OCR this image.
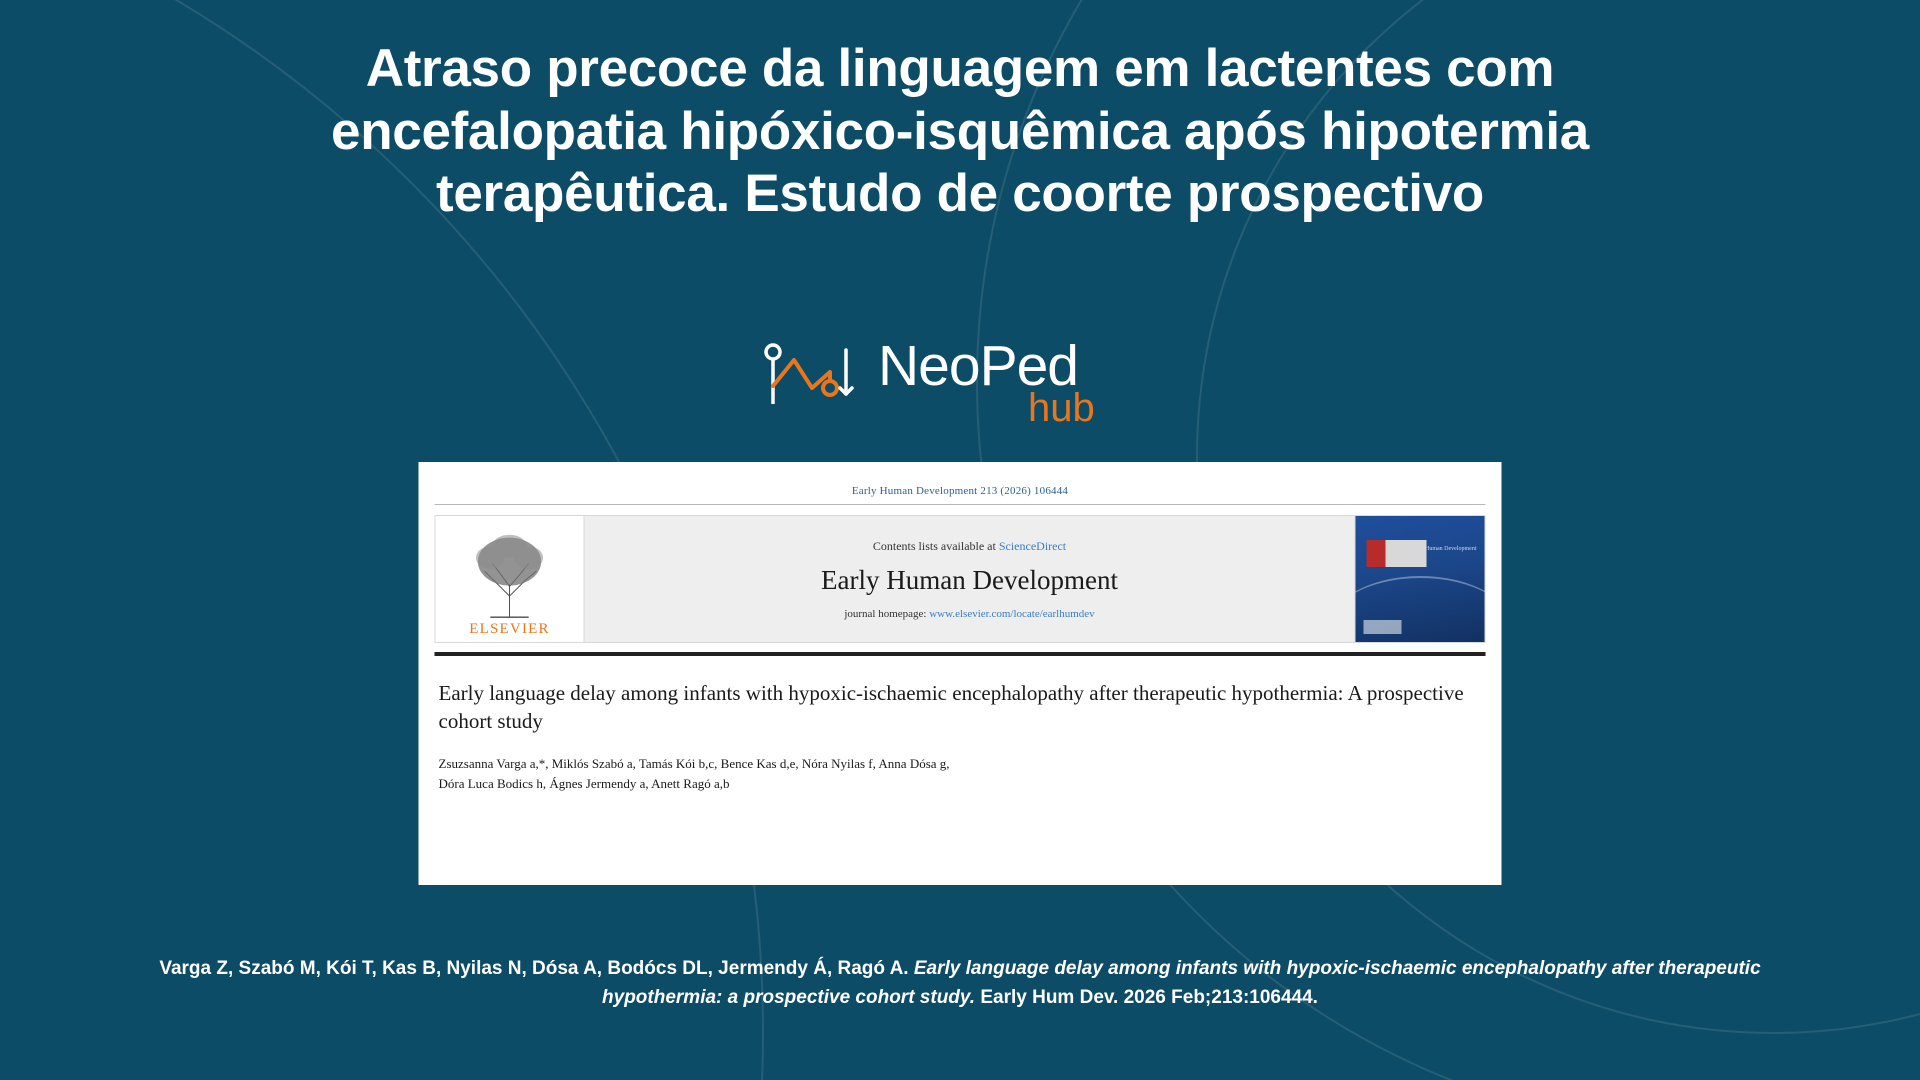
Atraso precoce da linguagem em lactentes com encefalopatia hipóxico-isquêmica após hipotermia terapêutica. Estudo de coorte prospectivo
NeoPed
hub
Early Human Development 213 (2026) 106444
ELSEVIER
Contents lists available at ScienceDirect
Early Human Development
journal homepage: www.elsevier.com/locate/earlhumdev
Early Human Development
Early language delay among infants with hypoxic-ischaemic encephalopathy after therapeutic hypothermia: A prospective cohort study
Zsuzsanna Varga a,*, Miklós Szabó a, Tamás Kói b,c, Bence Kas d,e, Nóra Nyilas f, Anna Dósa g,
Dóra Luca Bodics h, Ágnes Jermendy a, Anett Ragó a,b
Varga Z, Szabó M, Kói T, Kas B, Nyilas N, Dósa A, Bodócs DL, Jermendy Á, Ragó A. Early language delay among infants with hypoxic-ischaemic encephalopathy after therapeutic hypothermia: a prospective cohort study. Early Hum Dev. 2026 Feb;213:106444.
